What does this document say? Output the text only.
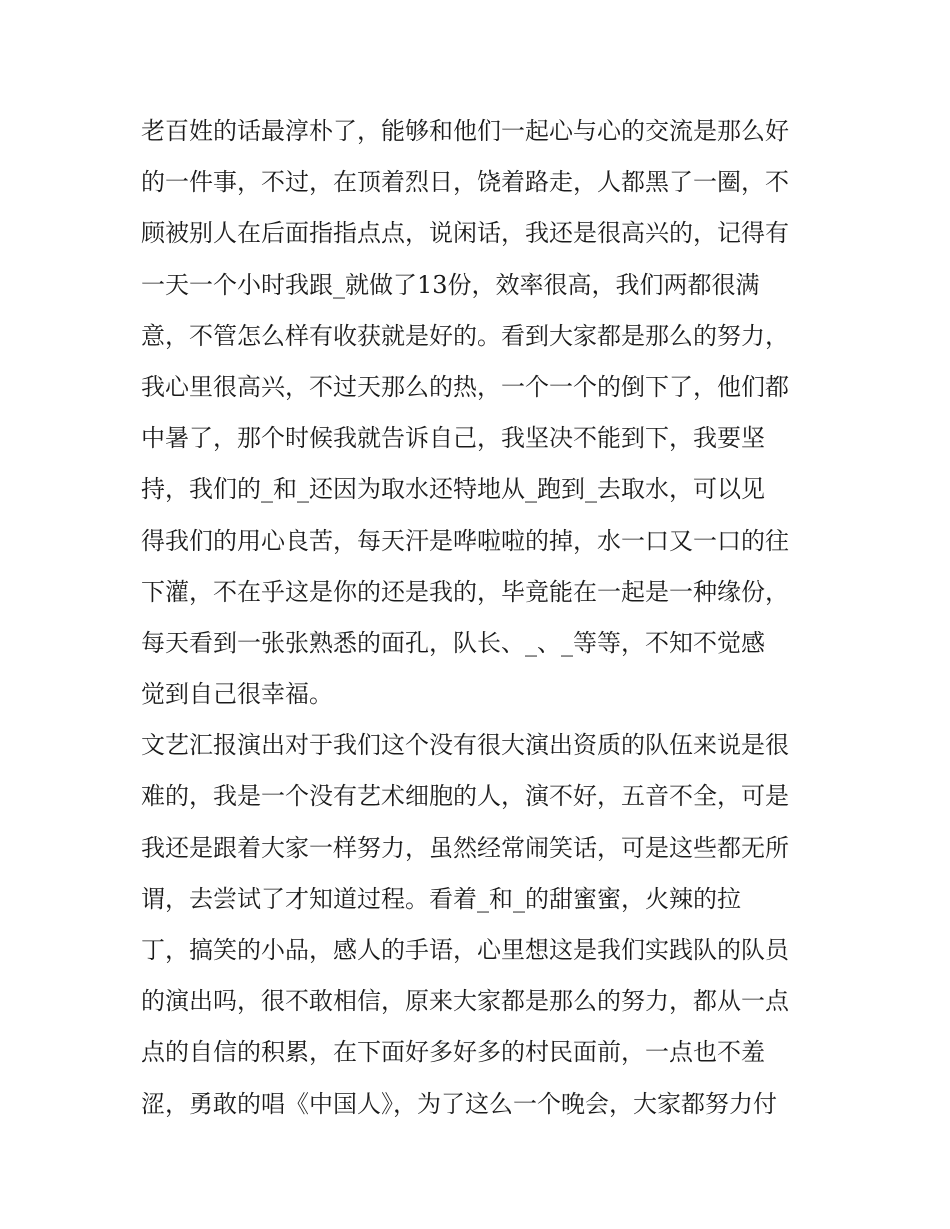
老百姓的话最淳朴了，能够和他们一起心与心的交流是那么好
的一件事，不过，在顶着烈日，饶着路走，人都黑了一圈，不
顾被别人在后面指指点点，说闲话，我还是很高兴的，记得有
一天一个小时我跟_就做了13份，效率很高，我们两都很满
意，不管怎么样有收获就是好的。看到大家都是那么的努力，
我心里很高兴，不过天那么的热，一个一个的倒下了，他们都
中暑了，那个时候我就告诉自己，我坚决不能到下，我要坚
持，我们的_和_还因为取水还特地从_跑到_去取水，可以见
得我们的用心良苦，每天汗是哗啦啦的掉，水一口又一口的往
下灌，不在乎这是你的还是我的，毕竟能在一起是一种缘份，
每天看到一张张熟悉的面孔，队长、_、_等等，不知不觉感
觉到自己很幸福。
文艺汇报演出对于我们这个没有很大演出资质的队伍来说是很
难的，我是一个没有艺术细胞的人，演不好，五音不全，可是
我还是跟着大家一样努力，虽然经常闹笑话，可是这些都无所
谓，去尝试了才知道过程。看着_和_的甜蜜蜜，火辣的拉
丁，搞笑的小品，感人的手语，心里想这是我们实践队的队员
的演出吗，很不敢相信，原来大家都是那么的努力，都从一点
点的自信的积累，在下面好多好多的村民面前，一点也不羞
涩，勇敢的唱《中国人》，为了这么一个晚会，大家都努力付
